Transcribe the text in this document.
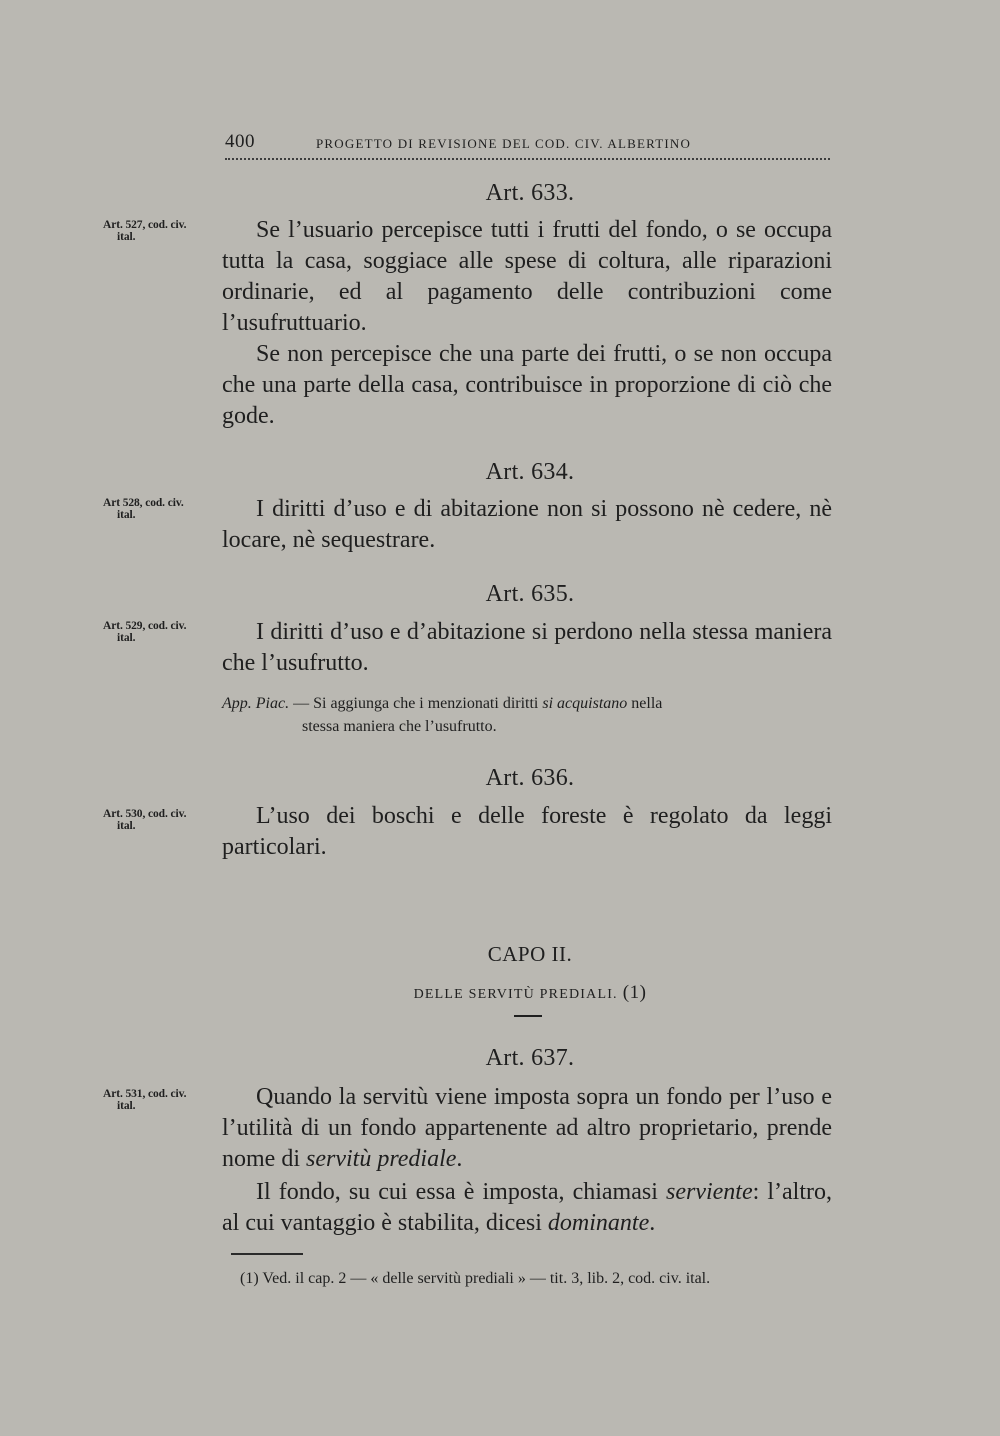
400	PROGETTO DI REVISIONE DEL COD. CIV. ALBERTINO
Art. 633.
Art. 527, cod. civ.
ital.	Se l’usuario percepisce tutti i frutti del fondo, o se occupa tutta la casa, soggiace alle spese di coltura, alle riparazioni ordinarie, ed al pagamento delle contribuzioni come l’usufruttuario.

Se non percepisce che una parte dei frutti, o se non occupa che una parte della casa, contribuisce in proporzione di ciò che gode.

Art. 634.
Art 528, cod. civ.
ital.	I diritti d’uso e di abitazione non si possono nè cedere, nè locare, nè sequestrare.

Art. 635.
Art. 529, cod. civ.
ital.	I diritti d’uso e d’abitazione si perdono nella stessa maniera che l’usufrutto.

App. Piac. — Si aggiunga che i menzionati diritti si acquistano nella
stessa maniera che l’usufrutto.

Art. 636.
Art. 530, cod. civ.
ital.	L’uso dei boschi e delle foreste è regolato da leggi particolari.

CAPO II.
DELLE SERVITÙ PREDIALI. (1)
Art. 637.
Art. 531, cod. civ.
ital.	Quando la servitù viene imposta sopra un fondo per l’uso e l’utilità di un fondo appartenente ad altro proprietario, prende nome di servitù prediale.

Il fondo, su cui essa è imposta, chiamasi serviente: l’altro, al cui vantaggio è stabilita, dicesi dominante.

(1) Ved. il cap. 2 — « delle servitù prediali » — tit. 3, lib. 2, cod. civ. ital.
